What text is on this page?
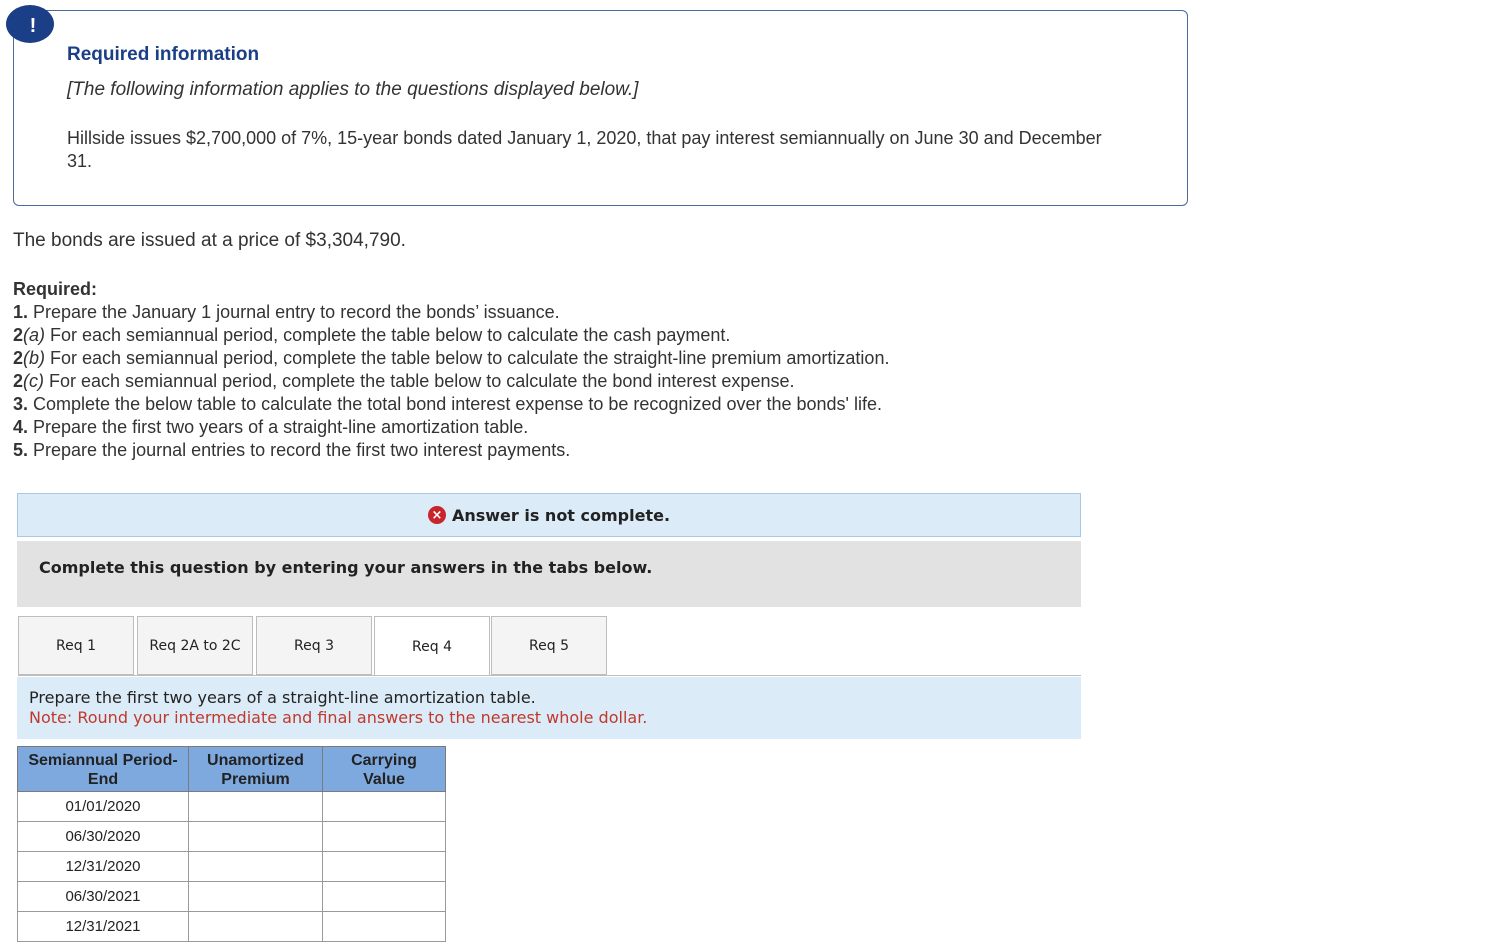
!
Required information
[The following information applies to the questions displayed below.]
Hillside issues $2,700,000 of 7%, 15-year bonds dated January 1, 2020, that pay interest semiannually on June 30 and December 31.
The bonds are issued at a price of $3,304,790.
Required:
1. Prepare the January 1 journal entry to record the bonds’ issuance.
2(a) For each semiannual period, complete the table below to calculate the cash payment.
2(b) For each semiannual period, complete the table below to calculate the straight-line premium amortization.
2(c) For each semiannual period, complete the table below to calculate the bond interest expense.
3. Complete the below table to calculate the total bond interest expense to be recognized over the bonds' life.
4. Prepare the first two years of a straight-line amortization table.
5. Prepare the journal entries to record the first two interest payments.
× Answer is not complete.
Complete this question by entering your answers in the tabs below.
Req 1	Req 2A to 2C	Req 3	Req 4	Req 5
Prepare the first two years of a straight-line amortization table.
Note: Round your intermediate and final answers to the nearest whole dollar.
Semiannual Period-End	Unamortized Premium	Carrying Value
01/01/2020		
06/30/2020		
12/31/2020		
06/30/2021		
12/31/2021		
